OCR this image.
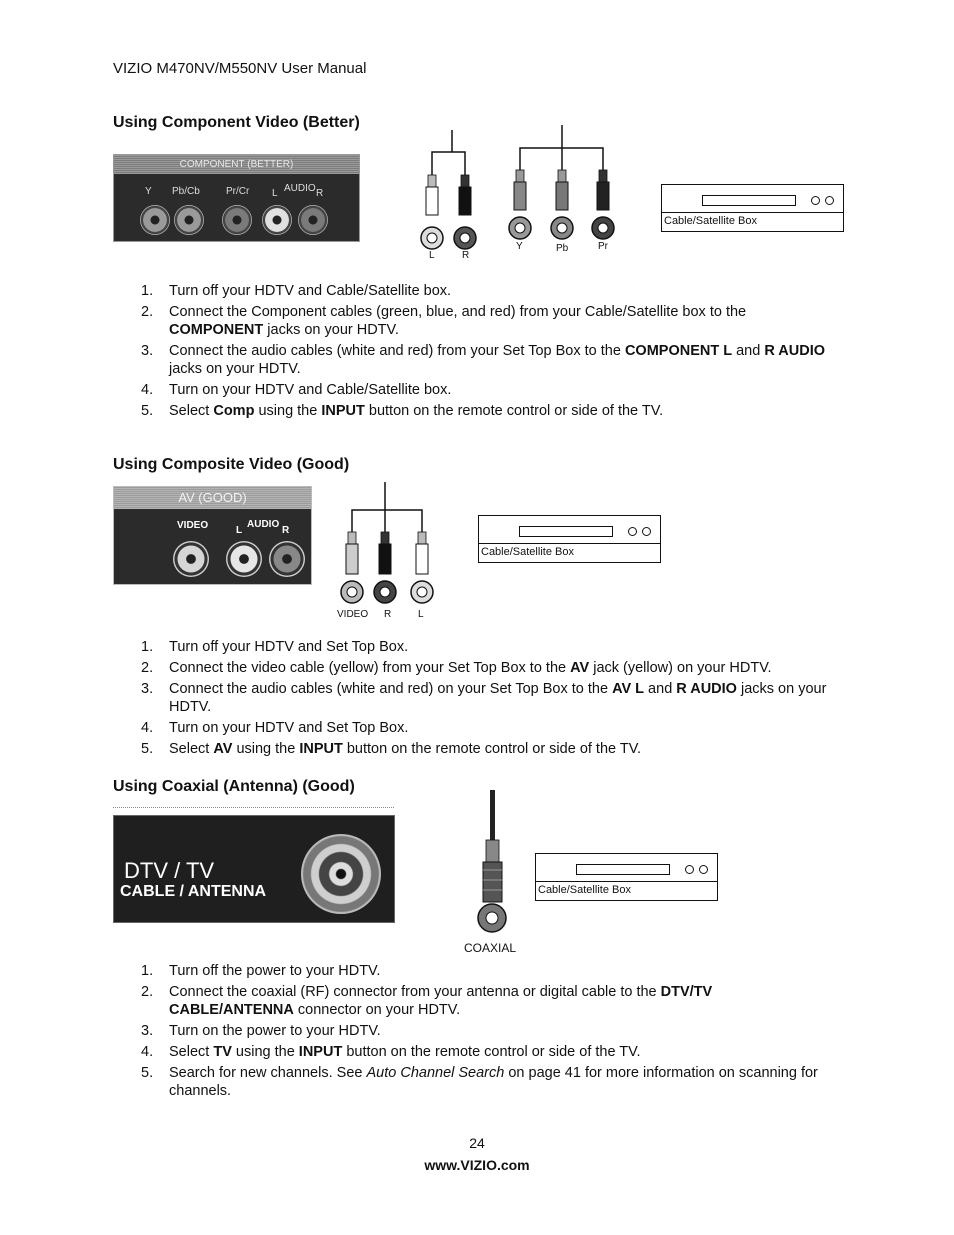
VIZIO M470NV/M550NV User Manual
Using Component Video (Better)
COMPONENT (BETTER)
Y Pb/Cb	Pr/Cr L AUDIO R
L	R
Y	Pb	Pr
Cable/Satellite Box
1. Turn off your HDTV and Cable/Satellite box.
2. Connect the Component cables (green, blue, and red) from your Cable/Satellite box to the COMPONENT jacks on your HDTV.
3. Connect the audio cables (white and red) from your Set Top Box to the COMPONENT L and R AUDIO jacks on your HDTV.
4. Turn on your HDTV and Cable/Satellite box.
5. Select Comp using the INPUT button on the remote control or side of the TV.
Using Composite Video (Good)
AV (GOOD)
VIDEO	L
AUDIO
R
VIDEO R	L
Cable/Satellite Box
1. Turn off your HDTV and Set Top Box.
2. Connect the video cable (yellow) from your Set Top Box to the AV jack (yellow) on your HDTV.
3. Connect the audio cables (white and red) on your Set Top Box to the AV L and R AUDIO jacks on your HDTV.
4. Turn on your HDTV and Set Top Box.
5. Select AV using the INPUT button on the remote control or side of the TV.
Using Coaxial (Antenna) (Good)
DTV / TV
CABLE / ANTENNA
COAXIAL
Cable/Satellite Box
1. Turn off the power to your HDTV.
2. Connect the coaxial (RF) connector from your antenna or digital cable to the DTV/TV CABLE/ANTENNA connector on your HDTV.
3. Turn on the power to your HDTV.
4. Select TV using the INPUT button on the remote control or side of the TV.
5. Search for new channels. See Auto Channel Search on page 41 for more information on scanning for channels.
24
www.VIZIO.com
